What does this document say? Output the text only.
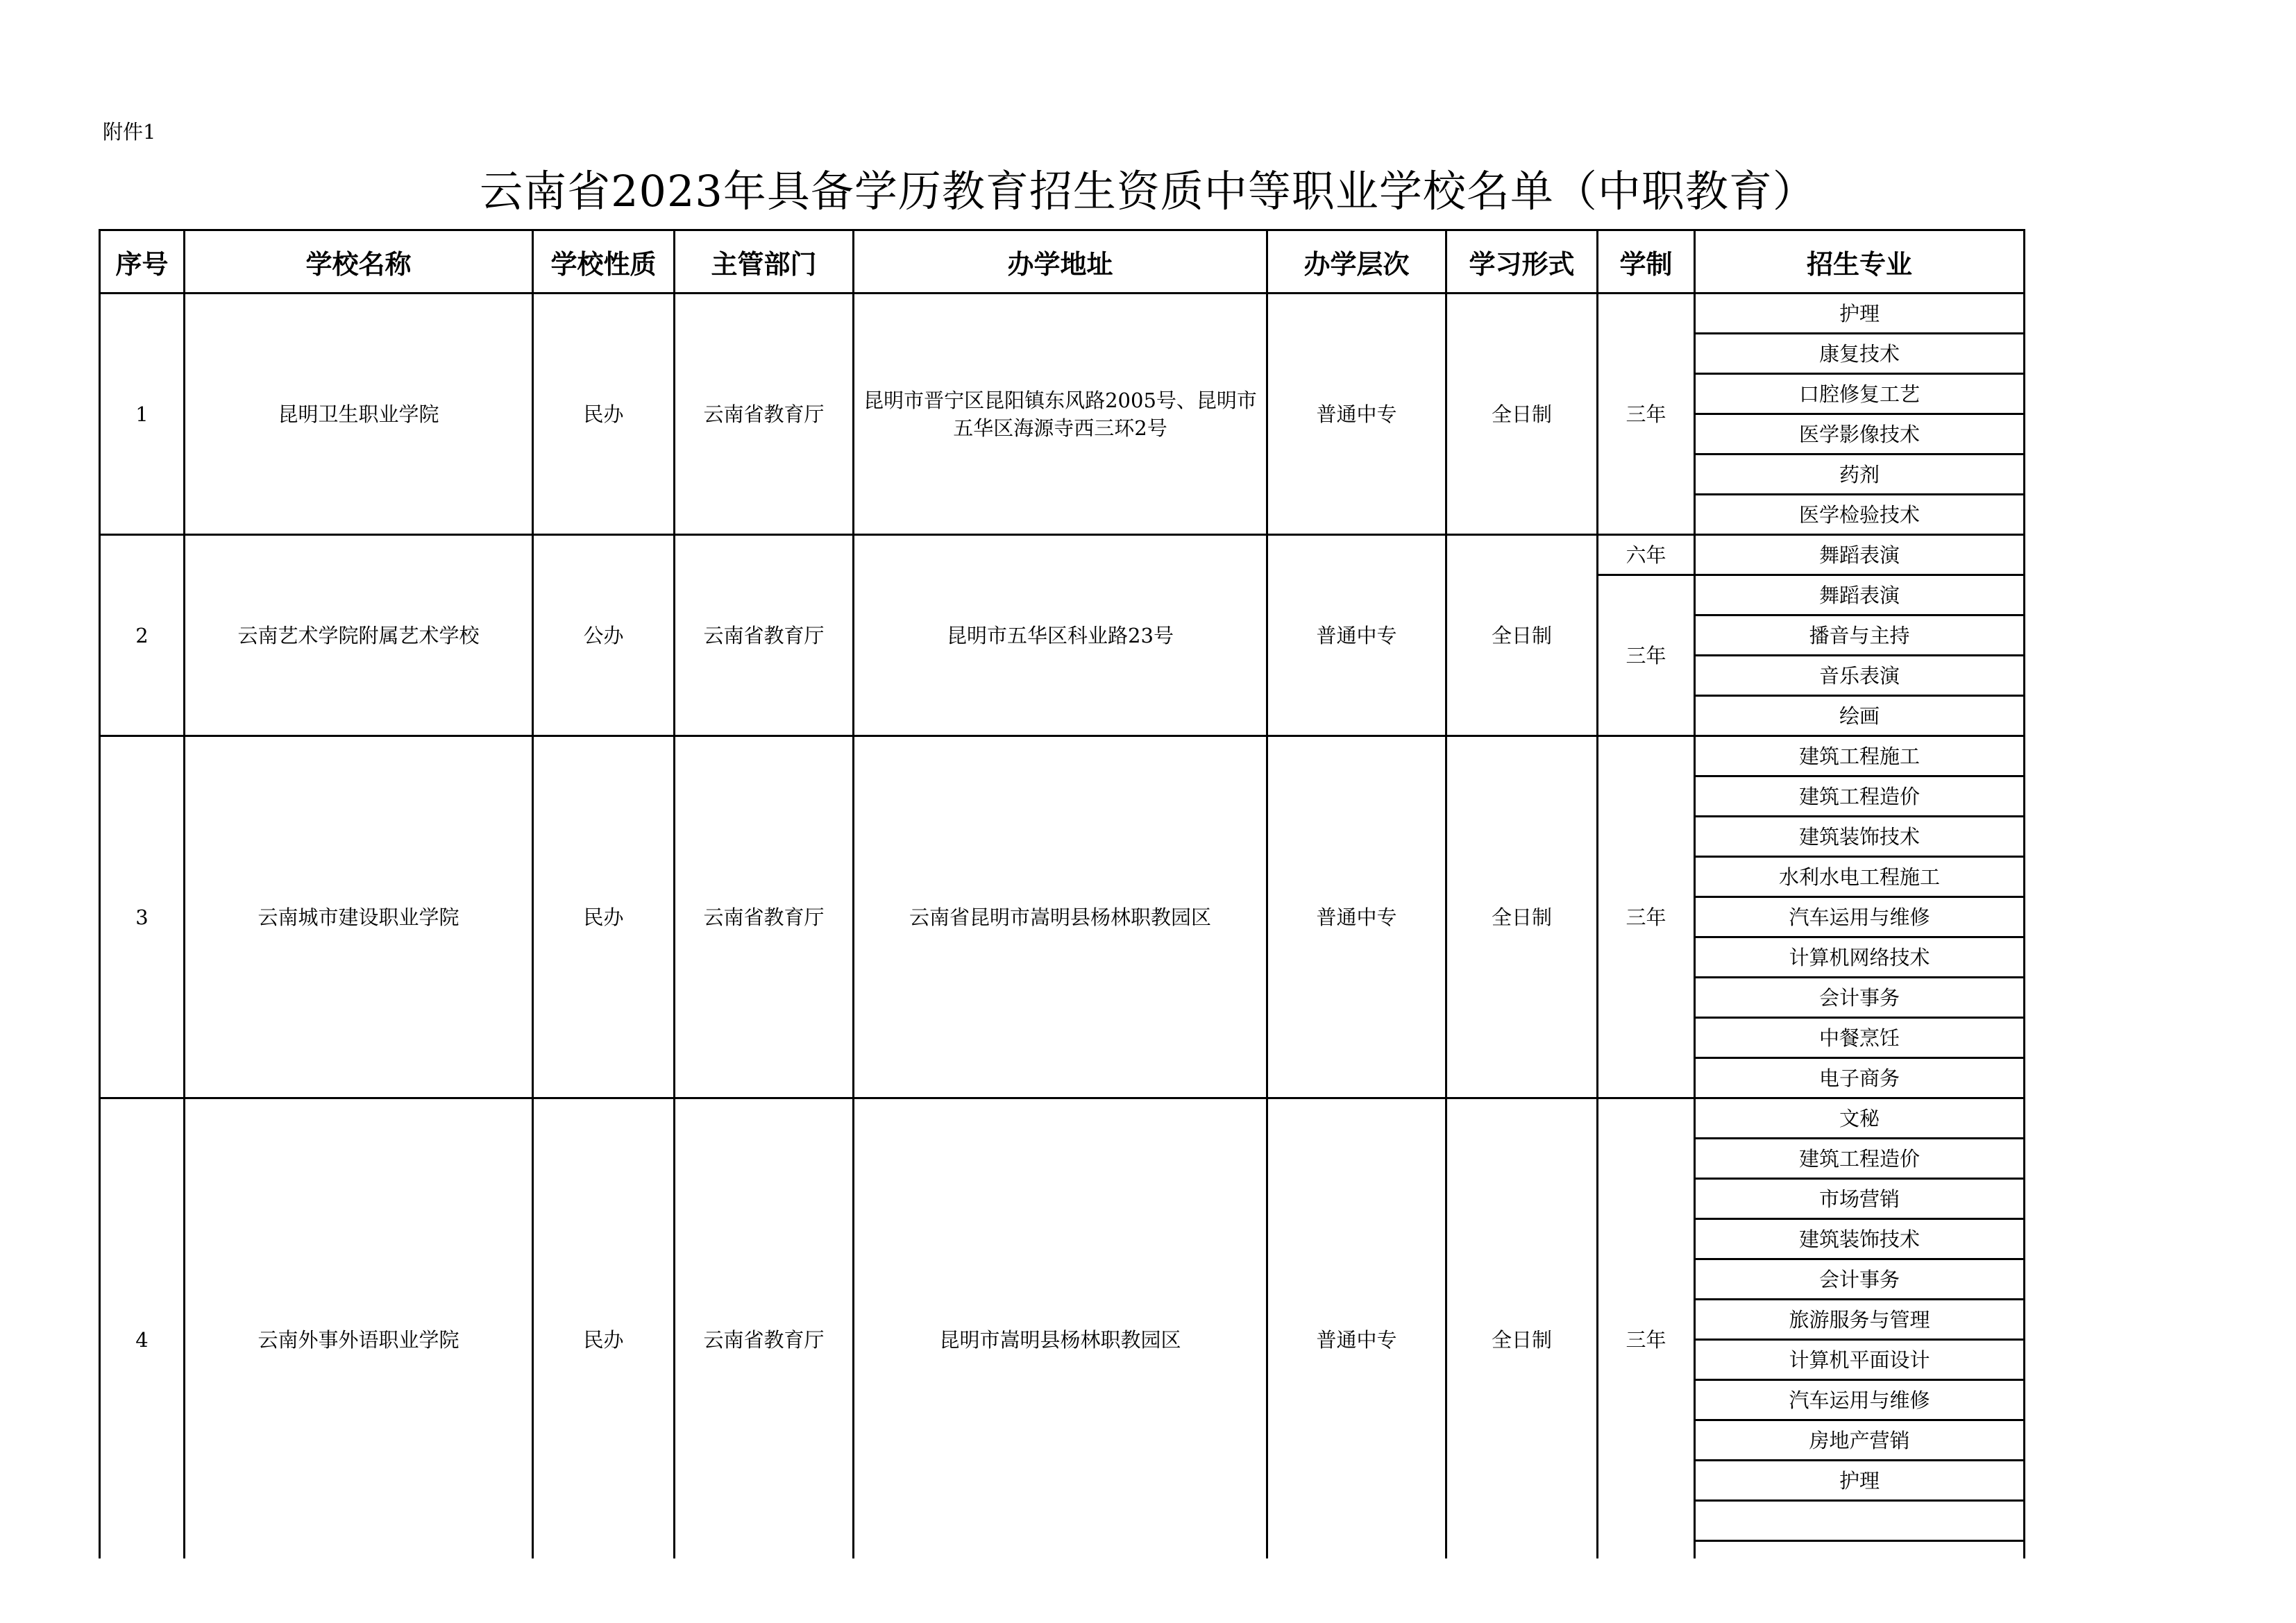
附件1
云南省2023年具备学历教育招生资质中等职业学校名单（中职教育）
序号	学校名称	学校性质	主管部门	办学地址	办学层次	学习形式	学制	招生专业
1	昆明卫生职业学院	民办	云南省教育厅	昆明市晋宁区昆阳镇东风路2005号、昆明市五华区海源寺西三环2号	普通中专	全日制	三年	护理
								康复技术
								口腔修复工艺
								医学影像技术
								药剂
								医学检验技术
2	云南艺术学院附属艺术学校	公办	云南省教育厅	昆明市五华区科业路23号	普通中专	全日制	六年	舞蹈表演
							三年	舞蹈表演
								播音与主持
								音乐表演
								绘画
3	云南城市建设职业学院	民办	云南省教育厅	云南省昆明市嵩明县杨林职教园区	普通中专	全日制	三年	建筑工程施工
								建筑工程造价
								建筑装饰技术
								水利水电工程施工
								汽车运用与维修
								计算机网络技术
								会计事务
								中餐烹饪
								电子商务
4	云南外事外语职业学院	民办	云南省教育厅	昆明市嵩明县杨林职教园区	普通中专	全日制	三年	文秘
								建筑工程造价
								市场营销
								建筑装饰技术
								会计事务
								旅游服务与管理
								计算机平面设计
								汽车运用与维修
								房地产营销
								护理
